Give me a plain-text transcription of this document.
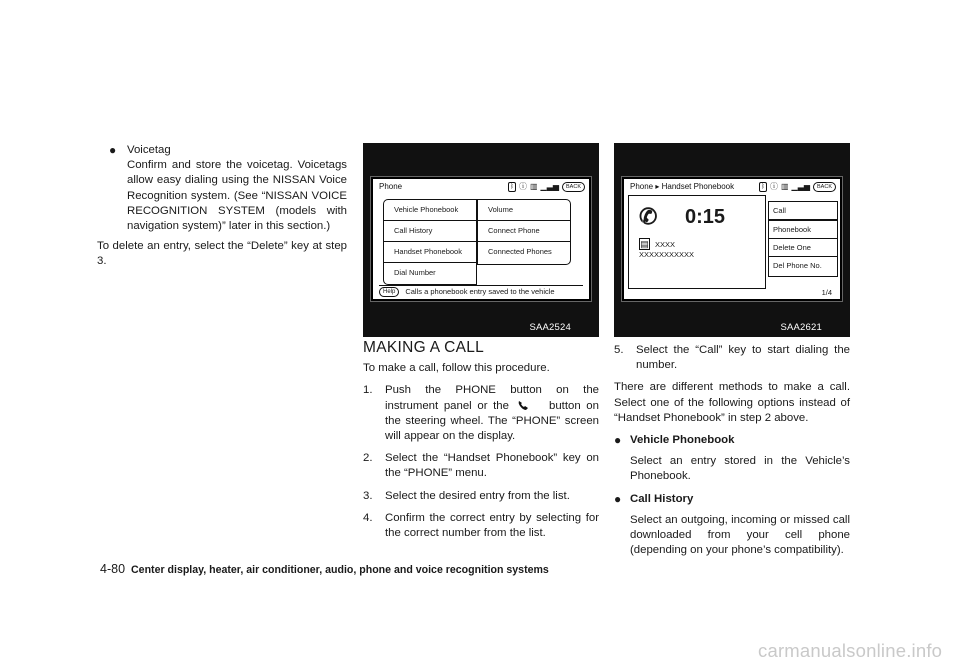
● Voicetag

Confirm and store the voicetag. Voicetags allow easy dialing using the NISSAN Voice Recognition system. (See “NISSAN VOICE RECOGNITION SYSTEM (models with navigation system)” later in this section.)

To delete an entry, select the “Delete” key at step 3.

Phone	ᛒ ⓘ ▥ ▁▃▅	BACK
Vehicle Phonebook
Call History
Handset Phonebook
Dial Number
Volume
Connect Phone
Connected Phones
Help Calls a phonebook entry saved to the vehicle
SAA2524
Phone ▸ Handset Phonebook	ᛒ ⓘ ▥ ▁▃▅	BACK
✆ 0:15
▤ XXXX
XXXXXXXXXXX
Call
Phonebook
Delete One
Del Phone No.
1/4
SAA2621
MAKING A CALL

To make a call, follow this procedure.

1. Push the PHONE button on the instrument panel or the	button on the steering wheel. The “PHONE” screen will appear on the display.
2. Select the “Handset Phonebook” key on the “PHONE” menu.
3. Select the desired entry from the list.
4. Confirm the correct entry by selecting for the correct number from the list.
5. Select the “Call” key to start dialing the number.

There are different methods to make a call. Select one of the following options instead of “Handset Phonebook” in step 2 above.

● Vehicle Phonebook

Select an entry stored in the Vehicle’s Phonebook.

● Call History

Select an outgoing, incoming or missed call downloaded from your cell phone (depending on your phone’s compatibility).

4-80 Center display, heater, air conditioner, audio, phone and voice recognition systems
carmanualsonline.info
